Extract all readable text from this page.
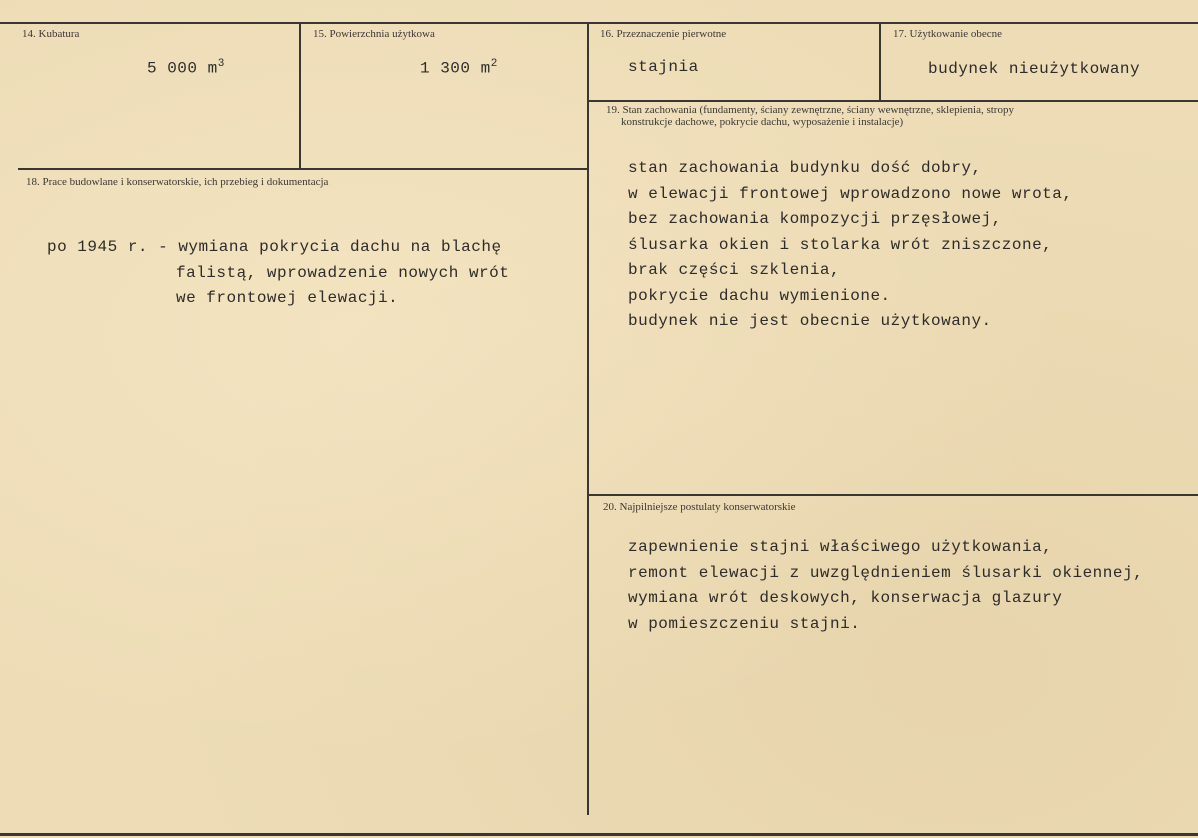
14. Kubatura
5 000 $m^3$
15. Powierzchnia użytkowa
1 300 $m^2$
16. Przeznaczenie pierwotne
stajnia
17. Użytkowanie obecne
budynek nieużytkowany
18. Prace budowlane i konserwatorskie, ich przebieg i dokumentacja
po 1945 r. - wymiana pokrycia dachu na blachę
falistą, wprowadzenie nowych wrót
we frontowej elewacji.
19. Stan zachowania (fundamenty, ściany zewnętrzne, ściany wewnętrzne, sklepienia, stropy
konstrukcje dachowe, pokrycie dachu, wyposażenie i instalacje)
stan zachowania budynku dość dobry,
w elewacji frontowej wprowadzono nowe wrota,
bez zachowania kompozycji przęsłowej,
ślusarka okien i stolarka wrót zniszczone,
brak części szklenia,
pokrycie dachu wymienione.
budynek nie jest obecnie użytkowany.
20. Najpilniejsze postulaty konserwatorskie
zapewnienie stajni właściwego użytkowania,
remont elewacji z uwzględnieniem ślusarki okiennej,
wymiana wrót deskowych, konserwacja glazury
w pomieszczeniu stajni.
